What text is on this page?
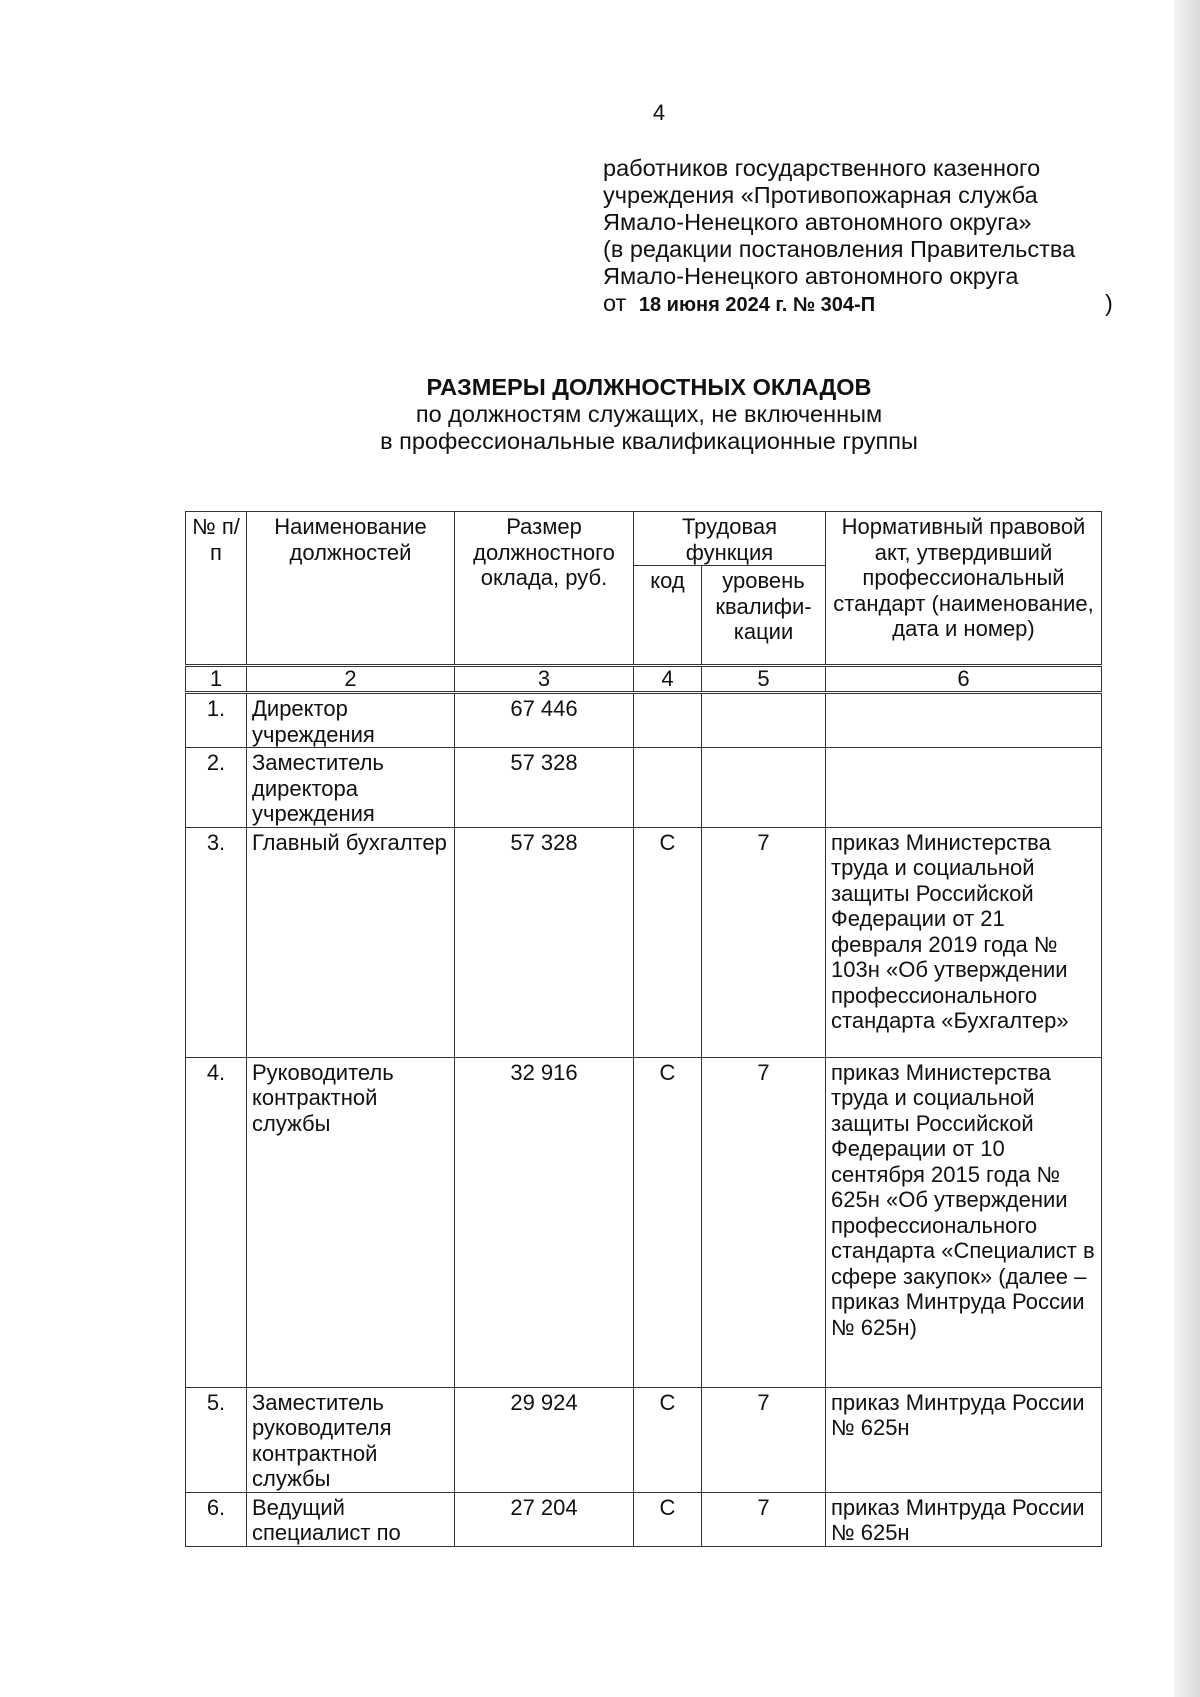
4
работников государственного казенного
учреждения «Противопожарная служба
Ямало-Ненецкого автономного округа»
(в редакции постановления Правительства
Ямало-Ненецкого автономного округа
от 18 июня 2024 г. № 304-П	)
РАЗМЕРЫ ДОЛЖНОСТНЫХ ОКЛАДОВ
по должностям служащих, не включенным
в профессиональные квалификационные группы
№ п/п	Наименование должностей	Размер должностного оклада, руб.	Трудовая функция		Нормативный правовой акт, утвердивший профессиональный стандарт (наименование, дата и номер)
			код	уровень квалифи-кации	
1	2	3	4	5	6
1.	Директор учреждения	67 446			
2.	Заместитель директора учреждения	57 328			
3.	Главный бухгалтер	57 328	С	7	приказ Министерства труда и социальной защиты Российской Федерации от 21 февраля 2019 года № 103н «Об утверждении профессионального стандарта «Бухгалтер»
4.	Руководитель контрактной службы	32 916	С	7	приказ Министерства труда и социальной защиты Российской Федерации от 10 сентября 2015 года № 625н «Об утверждении профессионального стандарта «Специалист в сфере закупок» (далее – приказ Минтруда России № 625н)
5.	Заместитель руководителя контрактной службы	29 924	С	7	приказ Минтруда России № 625н
6.	Ведущий специалист по	27 204	С	7	приказ Минтруда России № 625н
